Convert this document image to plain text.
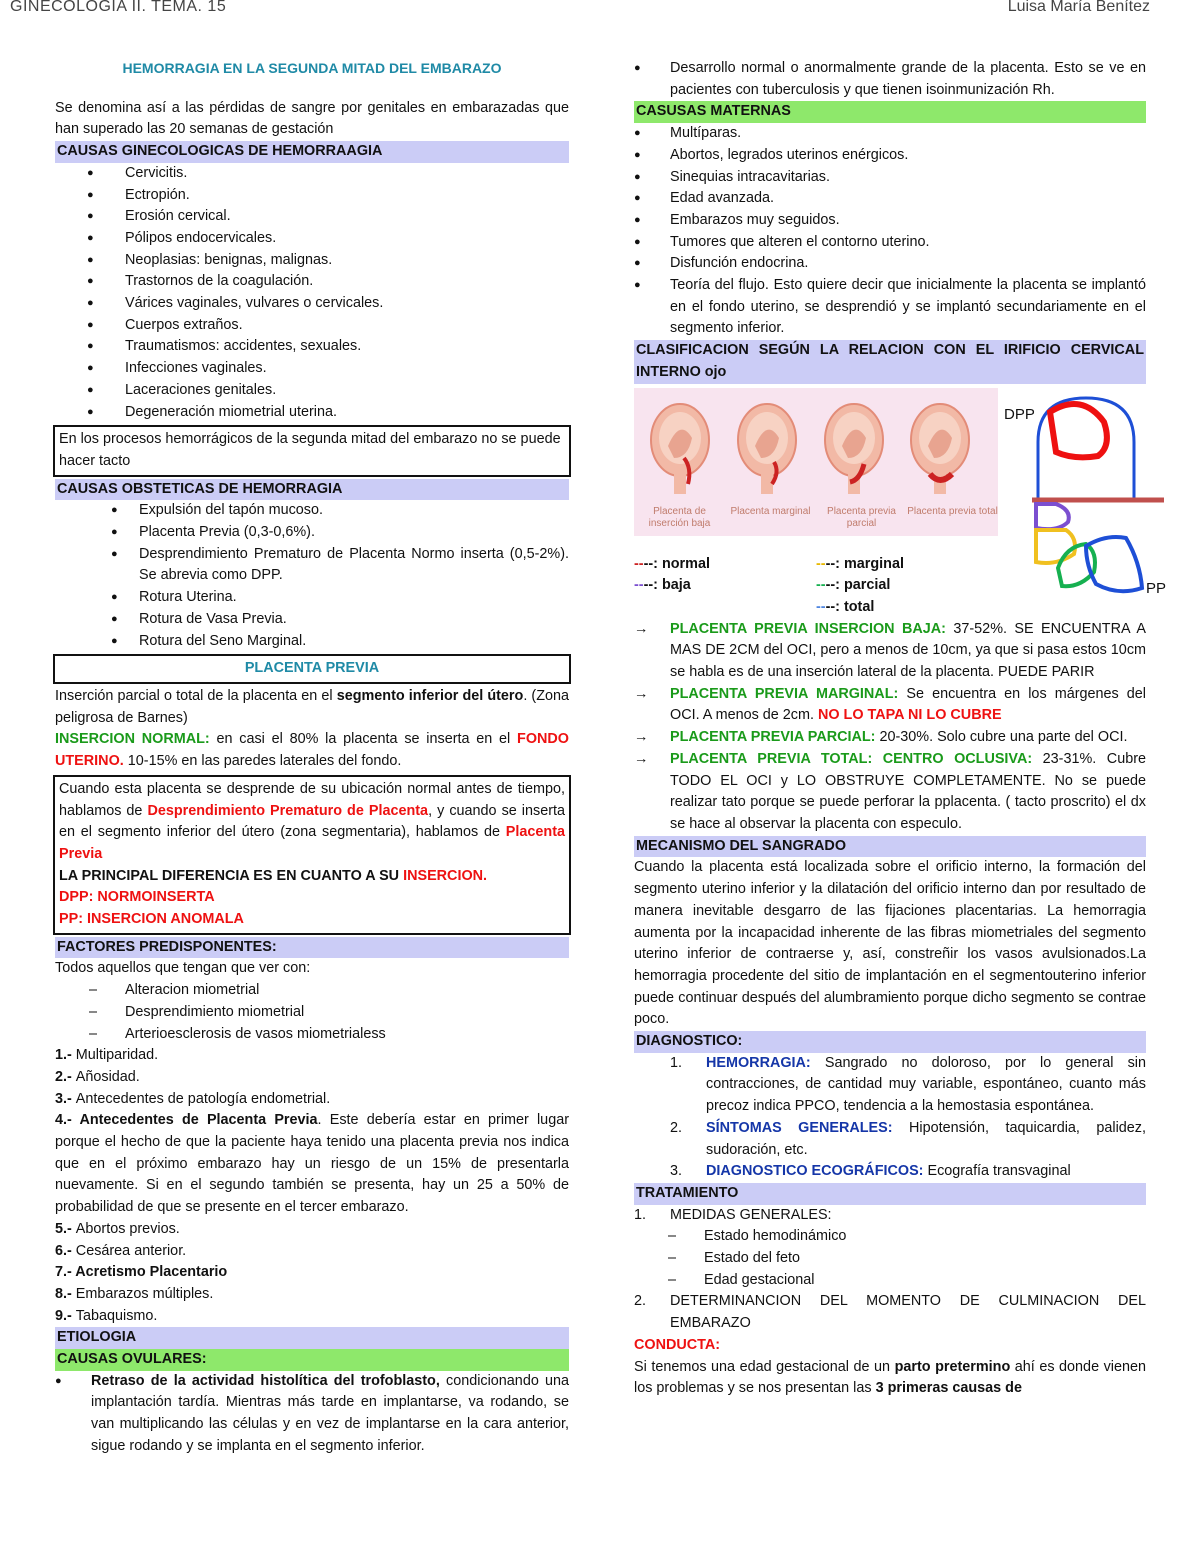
GINECOLOGIA II. TEMA. 15	Luisa María Benítez
HEMORRAGIA EN LA SEGUNDA MITAD DEL EMBARAZO
Se denomina así a las pérdidas de sangre por genitales en embarazadas que han superado las 20 semanas de gestación
CAUSAS GINECOLOGICAS DE HEMORRAAGIA
● Cervicitis.
● Ectropión.
● Erosión cervical.
● Pólipos endocervicales.
● Neoplasias: benignas, malignas.
● Trastornos de la coagulación.
● Várices vaginales, vulvares o cervicales.
● Cuerpos extraños.
● Traumatismos: accidentes, sexuales.
● Infecciones vaginales.
● Laceraciones genitales.
● Degeneración miometrial uterina.
En los procesos hemorrágicos de la segunda mitad del embarazo no se puede hacer tacto
CAUSAS OBSTETICAS DE HEMORRAGIA
● Expulsión del tapón mucoso.
● Placenta Previa (0,3-0,6%).
● Desprendimiento Prematuro de Placenta Normo inserta (0,5-2%). Se abrevia como DPP.
● Rotura Uterina.
● Rotura de Vasa Previa.
● Rotura del Seno Marginal.
PLACENTA PREVIA
Inserción parcial o total de la placenta en el segmento inferior del útero. (Zona peligrosa de Barnes)
INSERCION NORMAL: en casi el 80% la placenta se inserta en el FONDO UTERINO. 10-15% en las paredes laterales del fondo.
Cuando esta placenta se desprende de su ubicación normal antes de tiempo, hablamos de Desprendimiento Prematuro de Placenta, y cuando se inserta en el segmento inferior del útero (zona segmentaria), hablamos de Placenta Previa
LA PRINCIPAL DIFERENCIA ES EN CUANTO A SU INSERCION.
DPP: NORMOINSERTA
PP: INSERCION ANOMALA
FACTORES PREDISPONENTES:
Todos aquellos que tengan que ver con:
– Alteracion miometrial
– Desprendimiento miometrial
– Arterioesclerosis de vasos miometrialess
1.- Multiparidad.
2.- Añosidad.
3.- Antecedentes de patología endometrial.
4.- Antecedentes de Placenta Previa. Este debería estar en primer lugar porque el hecho de que la paciente haya tenido una placenta previa nos indica que en el próximo embarazo hay un riesgo de un 15% de presentarla nuevamente. Si en el segundo también se presenta, hay un 25 a 50% de probabilidad de que se presente en el tercer embarazo.
5.- Abortos previos.
6.- Cesárea anterior.
7.- Acretismo Placentario
8.- Embarazos múltiples.
9.- Tabaquismo.
ETIOLOGIA
CAUSAS OVULARES:
● Retraso de la actividad histolítica del trofoblasto, condicionando una implantación tardía. Mientras más tarde en implantarse, va rodando, se van multiplicando las células y en vez de implantarse en la cara anterior, sigue rodando y se implanta en el segmento inferior.
● Desarrollo normal o anormalmente grande de la placenta. Esto se ve en pacientes con tuberculosis y que tienen isoinmunización Rh.
CASUSAS MATERNAS
● Multíparas.
● Abortos, legrados uterinos enérgicos.
● Sinequias intracavitarias.
● Edad avanzada.
● Embarazos muy seguidos.
● Tumores que alteren el contorno uterino.
● Disfunción endocrina.
● Teoría del flujo. Esto quiere decir que inicialmente la placenta se implantó en el fondo uterino, se desprendió y se implantó secundariamente en el segmento inferior.
CLASIFICACION SEGÚN LA RELACION CON EL IRIFICIO CERVICAL INTERNO ojo
Placenta de inserción baja
Placenta marginal	Placenta previa parcial
Placenta previa total
DPP
PP
----: normal	----: marginal
----: baja	----: parcial
----: total
→ PLACENTA PREVIA INSERCION BAJA: 37-52%. SE ENCUENTRA A MAS DE 2CM del OCI, pero a menos de 10cm, ya que si pasa estos 10cm se habla es de una inserción lateral de la placenta. PUEDE PARIR
→ PLACENTA PREVIA MARGINAL: Se encuentra en los márgenes del OCI. A menos de 2cm. NO LO TAPA NI LO CUBRE
→ PLACENTA PREVIA PARCIAL: 20-30%. Solo cubre una parte del OCI.
→ PLACENTA PREVIA TOTAL: CENTRO OCLUSIVA: 23-31%. Cubre TODO EL OCI y LO OBSTRUYE COMPLETAMENTE. No se puede realizar tato porque se puede perforar la pplacenta. ( tacto proscrito) el dx se hace al observar la placenta con especulo.
MECANISMO DEL SANGRADO
Cuando la placenta está localizada sobre el orificio interno, la formación del segmento uterino inferior y la dilatación del orificio interno dan por resultado de manera inevitable desgarro de las fijaciones placentarias. La hemorragia aumenta por la incapacidad inherente de las fibras miometriales del segmento uterino inferior de contraerse y, así, constreñir los vasos avulsionados.La hemorragia procedente del sitio de implantación en el segmentouterino inferior puede continuar después del alumbramiento porque dicho segmento se contrae poco.
DIAGNOSTICO:
1. HEMORRAGIA: Sangrado no doloroso, por lo general sin contracciones, de cantidad muy variable, espontáneo, cuanto más precoz indica PPCO, tendencia a la hemostasia espontánea.
2. SÍNTOMAS GENERALES: Hipotensión, taquicardia, palidez, sudoración, etc.
3. DIAGNOSTICO ECOGRÁFICOS: Ecografía transvaginal
TRATAMIENTO
1. MEDIDAS GENERALES:
– Estado hemodinámico
– Estado del feto
– Edad gestacional
2. DETERMINANCION DEL MOMENTO DE CULMINACION DEL EMBARAZO
CONDUCTA:
Si tenemos una edad gestacional de un parto pretermino ahí es donde vienen los problemas y se nos presentan las 3 primeras causas de
